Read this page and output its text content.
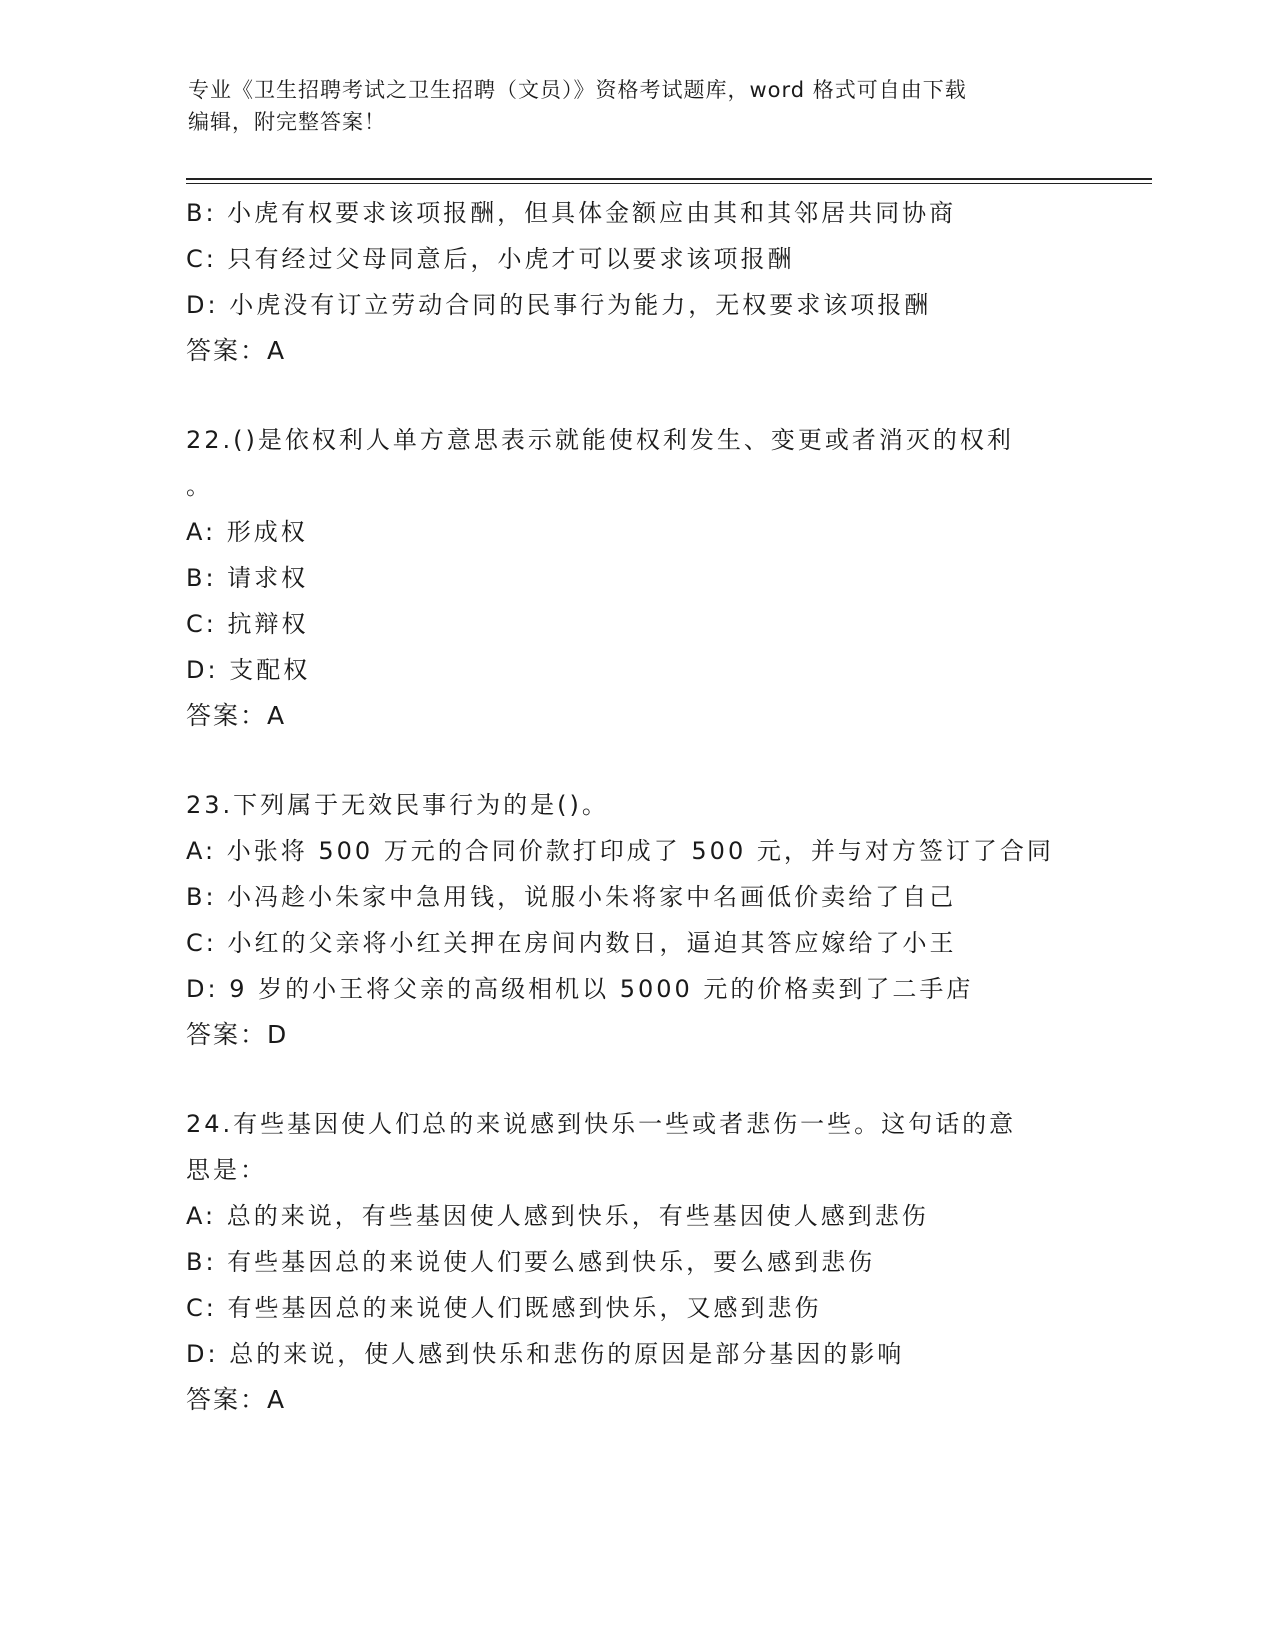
专业《卫生招聘考试之卫生招聘（文员）》资格考试题库，word 格式可自由下载
编辑，附完整答案！
B: 小虎有权要求该项报酬，但具体金额应由其和其邻居共同协商
C: 只有经过父母同意后，小虎才可以要求该项报酬
D: 小虎没有订立劳动合同的民事行为能力，无权要求该项报酬
答案：A
22.()是依权利人单方意思表示就能使权利发生、变更或者消灭的权利
。
A: 形成权
B: 请求权
C: 抗辩权
D: 支配权
答案：A
23.下列属于无效民事行为的是()。
A: 小张将 500 万元的合同价款打印成了 500 元，并与对方签订了合同
B: 小冯趁小朱家中急用钱，说服小朱将家中名画低价卖给了自己
C: 小红的父亲将小红关押在房间内数日，逼迫其答应嫁给了小王
D: 9 岁的小王将父亲的高级相机以 5000 元的价格卖到了二手店
答案：D
24.有些基因使人们总的来说感到快乐一些或者悲伤一些。这句话的意
思是：
A: 总的来说，有些基因使人感到快乐，有些基因使人感到悲伤
B: 有些基因总的来说使人们要么感到快乐，要么感到悲伤
C: 有些基因总的来说使人们既感到快乐，又感到悲伤
D: 总的来说，使人感到快乐和悲伤的原因是部分基因的影响
答案：A
